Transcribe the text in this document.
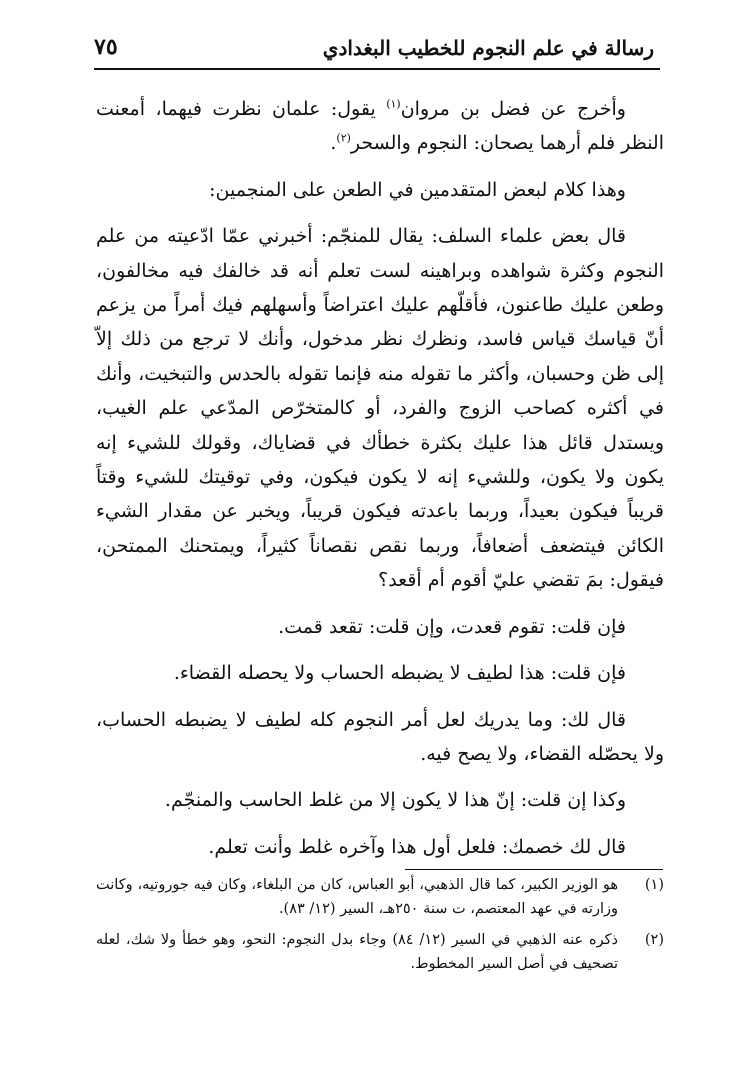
رسالة في علم النجوم للخطيب البغدادي
٧٥

وأخرج عن فضل بن مروان$^{(١)}$ يقول: علمان نظرت فيهما، أمعنت النظر فلم أرهما يصحان: النجوم والسحر$^{(٢)}$.

وهذا كلام لبعض المتقدمين في الطعن على المنجمين:

قال بعض علماء السلف: يقال للمنجّم: أخبرني عمّا ادّعيته من علم النجوم وكثرة شواهده وبراهينه لست تعلم أنه قد خالفك فيه مخالفون، وطعن عليك طاعنون، فأقلّهم عليك اعتراضاً وأسهلهم فيك أمراً من يزعم أنّ قياسك قياس فاسد، ونظرك نظر مدخول، وأنك لا ترجع من ذلك إلاّ إلى ظن وحسبان، وأكثر ما تقوله منه فإنما تقوله بالحدس والتبخيت، وأنك في أكثره كصاحب الزوج والفرد، أو كالمتخرّص المدّعي علم الغيب، ويستدل قائل هذا عليك بكثرة خطأك في قضاياك، وقولك للشيء إنه يكون ولا يكون، وللشيء إنه لا يكون فيكون، وفي توقيتك للشيء وقتاً قريباً فيكون بعيداً، وربما باعدته فيكون قريباً، ويخبر عن مقدار الشيء الكائن فيتضعف أضعافاً، وربما نقص نقصاناً كثيراً، ويمتحنك الممتحن، فيقول: بمَ تقضي عليّ أقوم أم أقعد؟

فإن قلت: تقوم قعدت، وإن قلت: تقعد قمت.

فإن قلت: هذا لطيف لا يضبطه الحساب ولا يحصله القضاء.

قال لك: وما يدريك لعل أمر النجوم كله لطيف لا يضبطه الحساب، ولا يحصّله القضاء، ولا يصح فيه.

وكذا إن قلت: إنّ هذا لا يكون إلا من غلط الحاسب والمنجّم.

قال لك خصمك: فلعل أول هذا وآخره غلط وأنت تعلم.

(١)
هو الوزير الكبير، كما قال الذهبي، أبو العباس، كان من البلغاء، وكان فيه جوروتيه، وكانت وزارته في عهد المعتصم، ت سنة ٢٥٠هـ، السير (١٢/ ٨٣).

(٢)
ذكره عنه الذهبي في السير (١٢/ ٨٤) وجاء بدل النجوم: النحو، وهو خطأ ولا شك، لعله تصحيف في أصل السير المخطوط.
